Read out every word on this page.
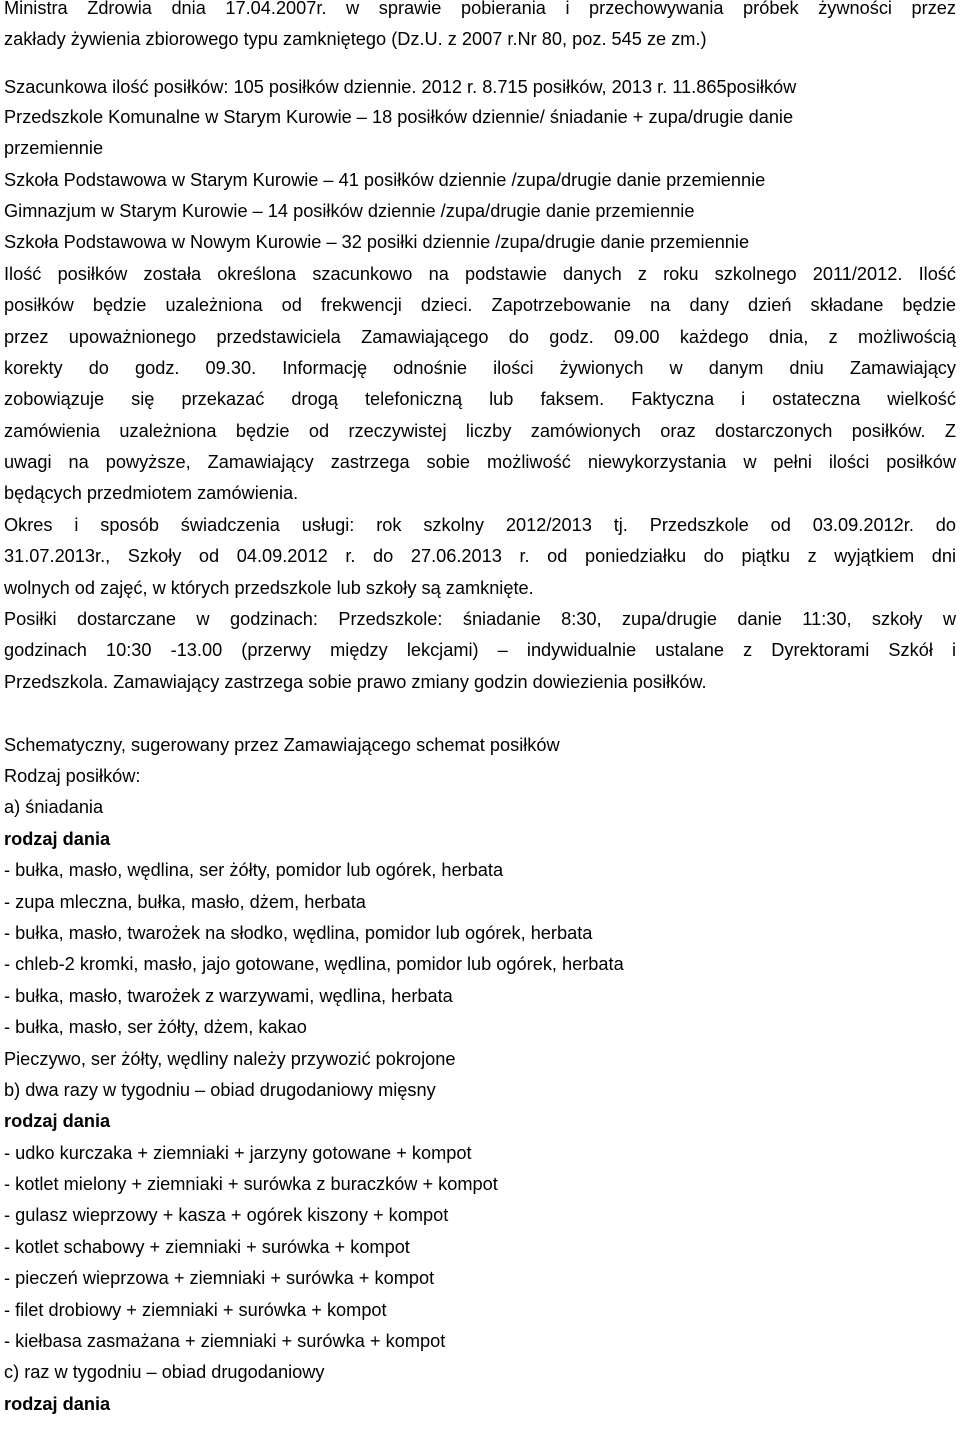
Ministra Zdrowia dnia 17.04.2007r. w sprawie pobierania i przechowywania próbek żywności przez
zakłady żywienia zbiorowego typu zamkniętego (Dz.U. z 2007 r.Nr 80, poz. 545 ze zm.)
Szacunkowa ilość posiłków: 105 posiłków dziennie. 2012 r. 8.715 posiłków, 2013 r. 11.865posiłków
Przedszkole Komunalne w Starym Kurowie – 18 posiłków dziennie/ śniadanie + zupa/drugie danie
przemiennie
Szkoła Podstawowa w Starym Kurowie – 41 posiłków dziennie /zupa/drugie danie przemiennie
Gimnazjum w Starym Kurowie – 14 posiłków dziennie /zupa/drugie danie przemiennie
Szkoła Podstawowa w Nowym Kurowie – 32 posiłki dziennie /zupa/drugie danie przemiennie
Ilość posiłków została określona szacunkowo na podstawie danych z roku szkolnego 2011/2012. Ilość
posiłków będzie uzależniona od frekwencji dzieci. Zapotrzebowanie na dany dzień składane będzie
przez upoważnionego przedstawiciela Zamawiającego do godz. 09.00 każdego dnia, z możliwością
korekty do godz. 09.30. Informację odnośnie ilości żywionych w danym dniu Zamawiający
zobowiązuje się przekazać drogą telefoniczną lub faksem. Faktyczna i ostateczna wielkość
zamówienia uzależniona będzie od rzeczywistej liczby zamówionych oraz dostarczonych posiłków. Z
uwagi na powyższe, Zamawiający zastrzega sobie możliwość niewykorzystania w pełni ilości posiłków
będących przedmiotem zamówienia.
Okres i sposób świadczenia usługi: rok szkolny 2012/2013 tj. Przedszkole od 03.09.2012r. do
31.07.2013r., Szkoły od 04.09.2012 r. do 27.06.2013 r. od poniedziałku do piątku z wyjątkiem dni
wolnych od zajęć, w których przedszkole lub szkoły są zamknięte.
Posiłki dostarczane w godzinach: Przedszkole: śniadanie 8:30, zupa/drugie danie 11:30, szkoły w
godzinach 10:30 -13.00 (przerwy między lekcjami) – indywidualnie ustalane z Dyrektorami Szkół i
Przedszkola. Zamawiający zastrzega sobie prawo zmiany godzin dowiezienia posiłków.
Schematyczny, sugerowany przez Zamawiającego schemat posiłków
Rodzaj posiłków:
a) śniadania
rodzaj dania
- bułka, masło, wędlina, ser żółty, pomidor lub ogórek, herbata
- zupa mleczna, bułka, masło, dżem, herbata
- bułka, masło, twarożek na słodko, wędlina, pomidor lub ogórek, herbata
- chleb-2 kromki, masło, jajo gotowane, wędlina, pomidor lub ogórek, herbata
- bułka, masło, twarożek z warzywami, wędlina, herbata
- bułka, masło, ser żółty, dżem, kakao
Pieczywo, ser żółty, wędliny należy przywozić pokrojone
b) dwa razy w tygodniu – obiad drugodaniowy mięsny
rodzaj dania
- udko kurczaka + ziemniaki + jarzyny gotowane + kompot
- kotlet mielony + ziemniaki + surówka z buraczków + kompot
- gulasz wieprzowy + kasza + ogórek kiszony + kompot
- kotlet schabowy + ziemniaki + surówka + kompot
- pieczeń wieprzowa + ziemniaki + surówka + kompot
- filet drobiowy + ziemniaki + surówka + kompot
- kiełbasa zasmażana + ziemniaki + surówka + kompot
c) raz w tygodniu – obiad drugodaniowy
rodzaj dania
